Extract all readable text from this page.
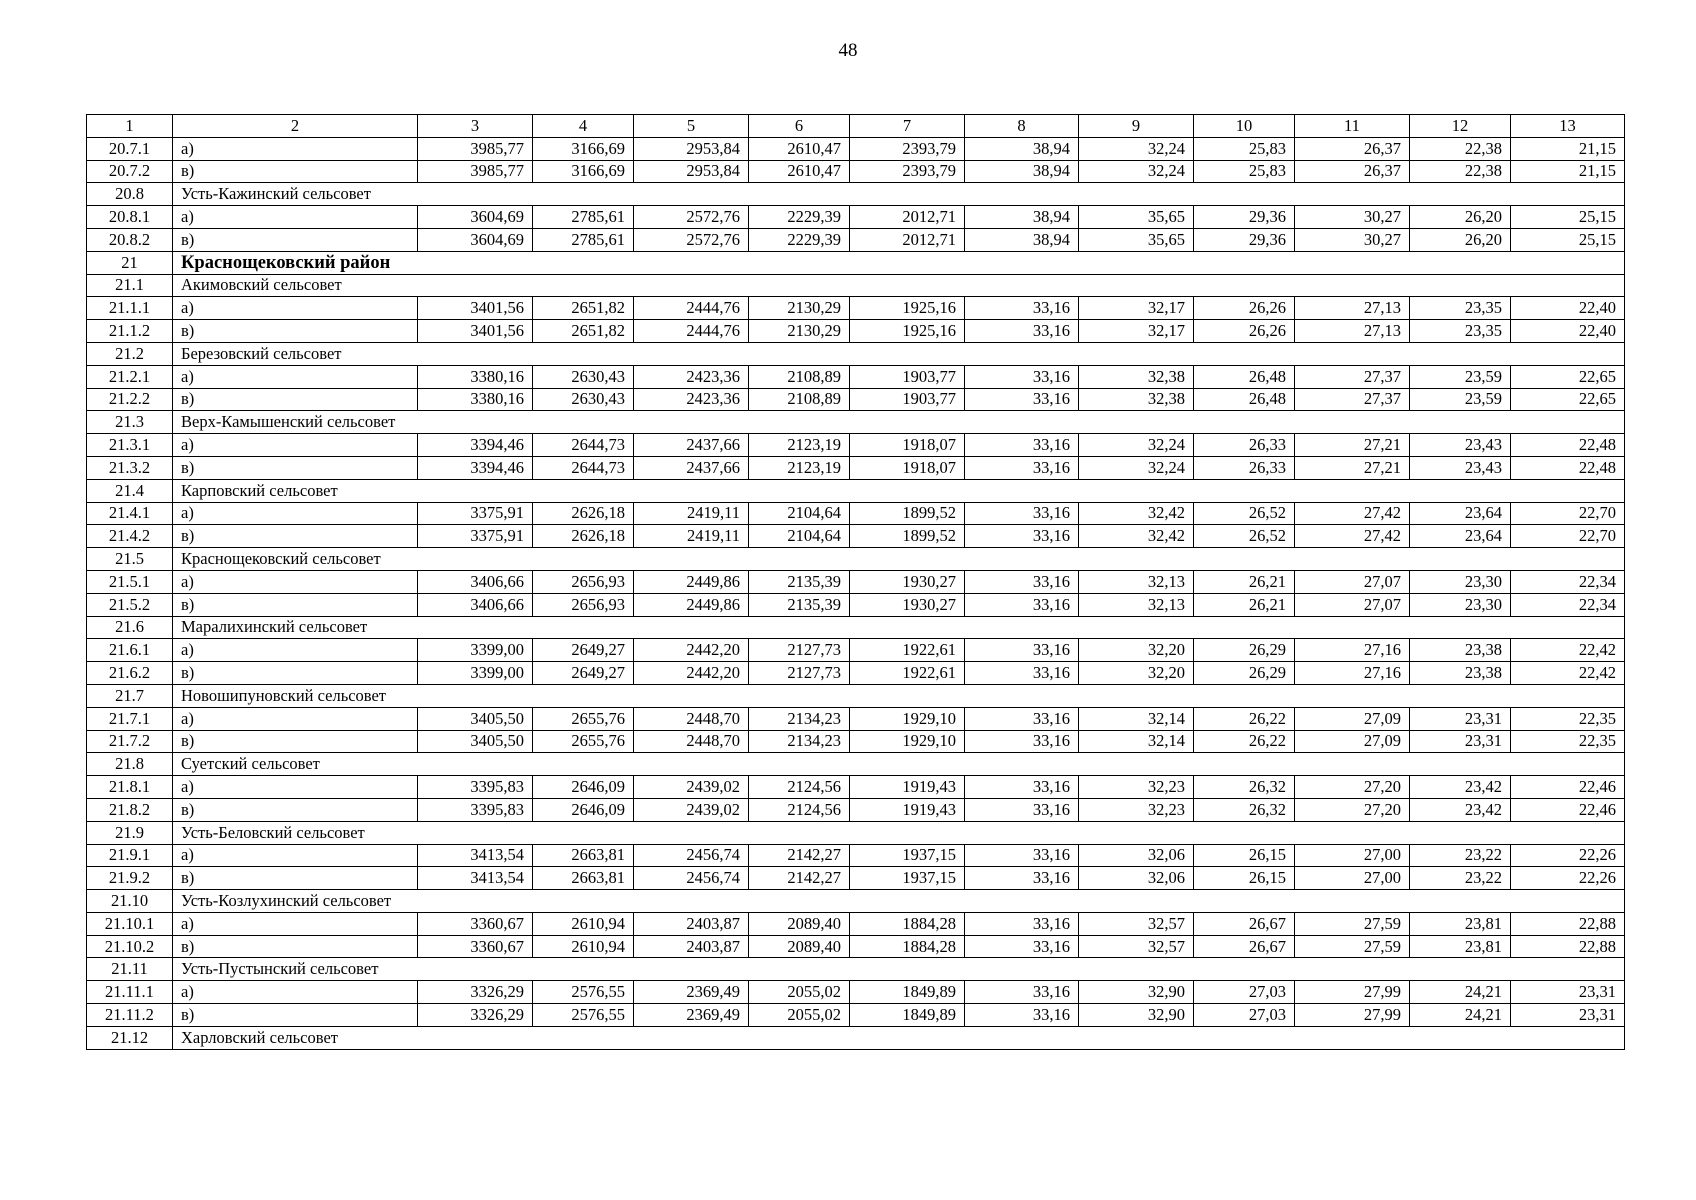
48
1	2	3	4	5	6	7	8	9	10	11	12	13
20.7.1	а)	3985,77	3166,69	2953,84	2610,47	2393,79	38,94	32,24	25,83	26,37	22,38	21,15
20.7.2	в)	3985,77	3166,69	2953,84	2610,47	2393,79	38,94	32,24	25,83	26,37	22,38	21,15
20.8	Усть-Кажинский сельсовет											
20.8.1	а)	3604,69	2785,61	2572,76	2229,39	2012,71	38,94	35,65	29,36	30,27	26,20	25,15
20.8.2	в)	3604,69	2785,61	2572,76	2229,39	2012,71	38,94	35,65	29,36	30,27	26,20	25,15
21	Краснощековский район											
21.1	Акимовский сельсовет											
21.1.1	а)	3401,56	2651,82	2444,76	2130,29	1925,16	33,16	32,17	26,26	27,13	23,35	22,40
21.1.2	в)	3401,56	2651,82	2444,76	2130,29	1925,16	33,16	32,17	26,26	27,13	23,35	22,40
21.2	Березовский сельсовет											
21.2.1	а)	3380,16	2630,43	2423,36	2108,89	1903,77	33,16	32,38	26,48	27,37	23,59	22,65
21.2.2	в)	3380,16	2630,43	2423,36	2108,89	1903,77	33,16	32,38	26,48	27,37	23,59	22,65
21.3	Верх-Камышенский сельсовет											
21.3.1	а)	3394,46	2644,73	2437,66	2123,19	1918,07	33,16	32,24	26,33	27,21	23,43	22,48
21.3.2	в)	3394,46	2644,73	2437,66	2123,19	1918,07	33,16	32,24	26,33	27,21	23,43	22,48
21.4	Карповский сельсовет											
21.4.1	а)	3375,91	2626,18	2419,11	2104,64	1899,52	33,16	32,42	26,52	27,42	23,64	22,70
21.4.2	в)	3375,91	2626,18	2419,11	2104,64	1899,52	33,16	32,42	26,52	27,42	23,64	22,70
21.5	Краснощековский сельсовет											
21.5.1	а)	3406,66	2656,93	2449,86	2135,39	1930,27	33,16	32,13	26,21	27,07	23,30	22,34
21.5.2	в)	3406,66	2656,93	2449,86	2135,39	1930,27	33,16	32,13	26,21	27,07	23,30	22,34
21.6	Маралихинский сельсовет											
21.6.1	а)	3399,00	2649,27	2442,20	2127,73	1922,61	33,16	32,20	26,29	27,16	23,38	22,42
21.6.2	в)	3399,00	2649,27	2442,20	2127,73	1922,61	33,16	32,20	26,29	27,16	23,38	22,42
21.7	Новошипуновский сельсовет											
21.7.1	а)	3405,50	2655,76	2448,70	2134,23	1929,10	33,16	32,14	26,22	27,09	23,31	22,35
21.7.2	в)	3405,50	2655,76	2448,70	2134,23	1929,10	33,16	32,14	26,22	27,09	23,31	22,35
21.8	Суетский сельсовет											
21.8.1	а)	3395,83	2646,09	2439,02	2124,56	1919,43	33,16	32,23	26,32	27,20	23,42	22,46
21.8.2	в)	3395,83	2646,09	2439,02	2124,56	1919,43	33,16	32,23	26,32	27,20	23,42	22,46
21.9	Усть-Беловский сельсовет											
21.9.1	а)	3413,54	2663,81	2456,74	2142,27	1937,15	33,16	32,06	26,15	27,00	23,22	22,26
21.9.2	в)	3413,54	2663,81	2456,74	2142,27	1937,15	33,16	32,06	26,15	27,00	23,22	22,26
21.10	Усть-Козлухинский сельсовет											
21.10.1	а)	3360,67	2610,94	2403,87	2089,40	1884,28	33,16	32,57	26,67	27,59	23,81	22,88
21.10.2	в)	3360,67	2610,94	2403,87	2089,40	1884,28	33,16	32,57	26,67	27,59	23,81	22,88
21.11	Усть-Пустынский сельсовет											
21.11.1	а)	3326,29	2576,55	2369,49	2055,02	1849,89	33,16	32,90	27,03	27,99	24,21	23,31
21.11.2	в)	3326,29	2576,55	2369,49	2055,02	1849,89	33,16	32,90	27,03	27,99	24,21	23,31
21.12	Харловский сельсовет											
